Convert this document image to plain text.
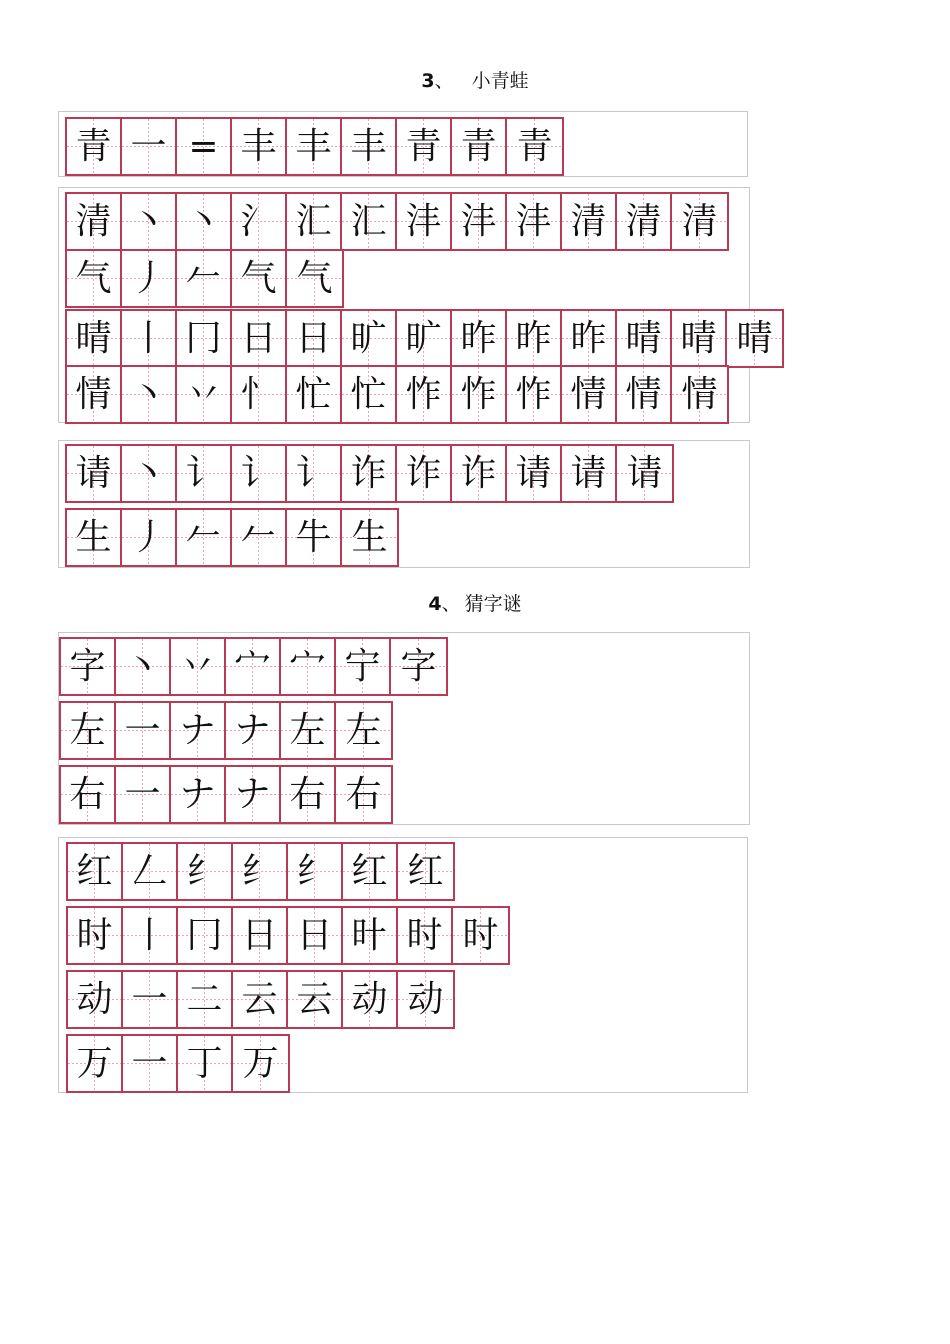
3、 小青蛙
青 一 = 丰 丰 丰 青 青 青
清 丶 丶 氵 汇 汇 沣 沣 沣 清 清 清
气 丿 𠂉 气 气
晴 丨 冂 日 日 旷 旷 昨 昨 昨 晴 晴 晴
情 丶 丷 忄 忙 忙 怍 怍 怍 情 情 情
请 丶 讠 讠 讠 诈 诈 诈 请 请 请
生 丿 𠂉 𠂉 牛 生
4、 猜字谜
字 丶 丷 宀 宀 宁 字
左 一 ナ ナ 左 左
右 一 ナ ナ 右 右
红 𠃋 纟 纟 纟 红 红
时 丨 冂 日 日 旪 时 时
动 一 二 云 云 动 动
万 一 丁 万
